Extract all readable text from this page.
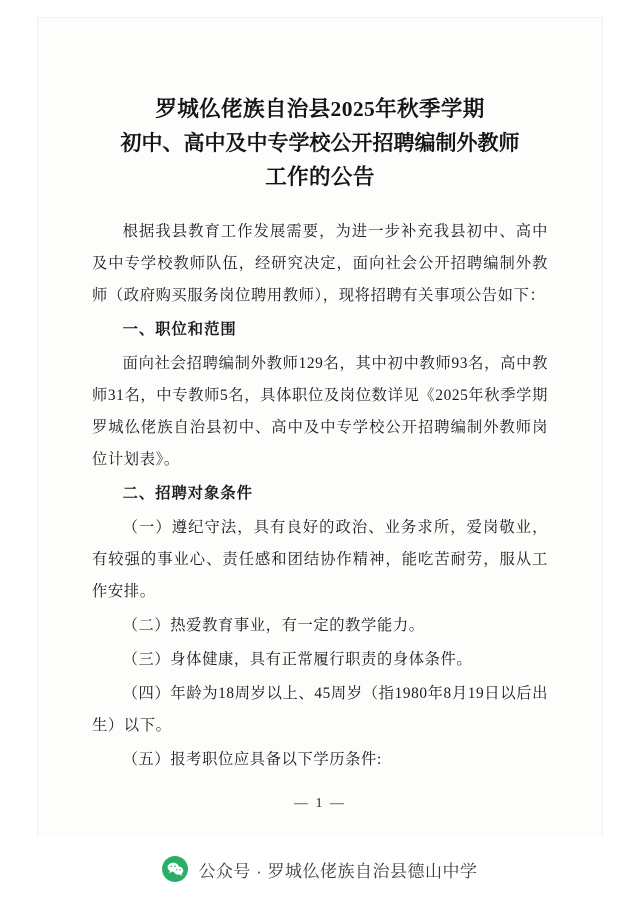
罗城仫佬族自治县2025年秋季学期
初中、高中及中专学校公开招聘编制外教师
工作的公告

根据我县教育工作发展需要，为进一步补充我县初中、高中及中专学校教师队伍，经研究决定，面向社会公开招聘编制外教师（政府购买服务岗位聘用教师），现将招聘有关事项公告如下：

一、职位和范围

面向社会招聘编制外教师129名，其中初中教师93名，高中教师31名，中专教师5名，具体职位及岗位数详见《2025年秋季学期罗城仫佬族自治县初中、高中及中专学校公开招聘编制外教师岗位计划表》。

二、招聘对象条件

（一）遵纪守法，具有良好的政治、业务求所，爱岗敬业，有较强的事业心、责任感和团结协作精神，能吃苦耐劳，服从工作安排。

（二）热爱教育事业，有一定的教学能力。

（三）身体健康，具有正常履行职责的身体条件。

（四）年龄为18周岁以上、45周岁（指1980年8月19日以后出生）以下。

（五）报考职位应具备以下学历条件:

— 1 —
公众号 · 罗城仫佬族自治县德山中学
